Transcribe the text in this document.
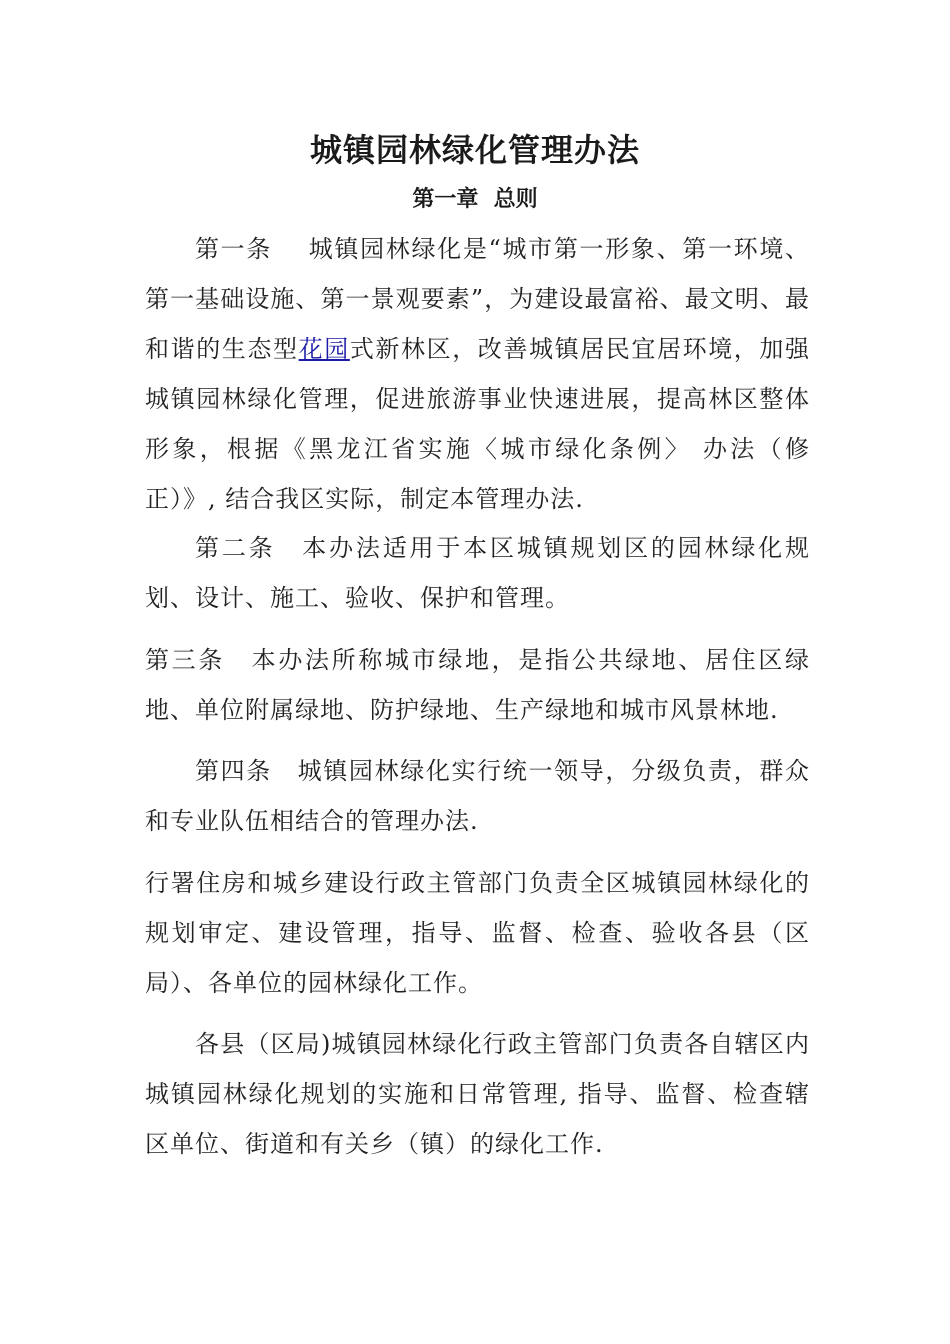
城镇园林绿化管理办法
第一章  总则
第一条 城镇园林绿化是“城市第一形象、第一环境、第一基础设施、第一景观要素”，为建设最富裕、最文明、最和谐的生态型花园式新林区，改善城镇居民宜居环境，加强城镇园林绿化管理，促进旅游事业快速进展，提高林区整体形象，根据《黑龙江省实施〈城市绿化条例〉 办法（修正）》, 结合我区实际，制定本管理办法.
第二条　本办法适用于本区城镇规划区的园林绿化规划、设计、施工、验收、保护和管理。
第三条　本办法所称城市绿地，是指公共绿地、居住区绿地、单位附属绿地、防护绿地、生产绿地和城市风景林地.
第四条　城镇园林绿化实行统一领导，分级负责，群众和专业队伍相结合的管理办法.
行署住房和城乡建设行政主管部门负责全区城镇园林绿化的规划审定、建设管理，指导、监督、检查、验收各县（区局）、各单位的园林绿化工作。
各县（区局)城镇园林绿化行政主管部门负责各自辖区内城镇园林绿化规划的实施和日常管理, 指导、监督、检查辖区单位、街道和有关乡（镇）的绿化工作.
